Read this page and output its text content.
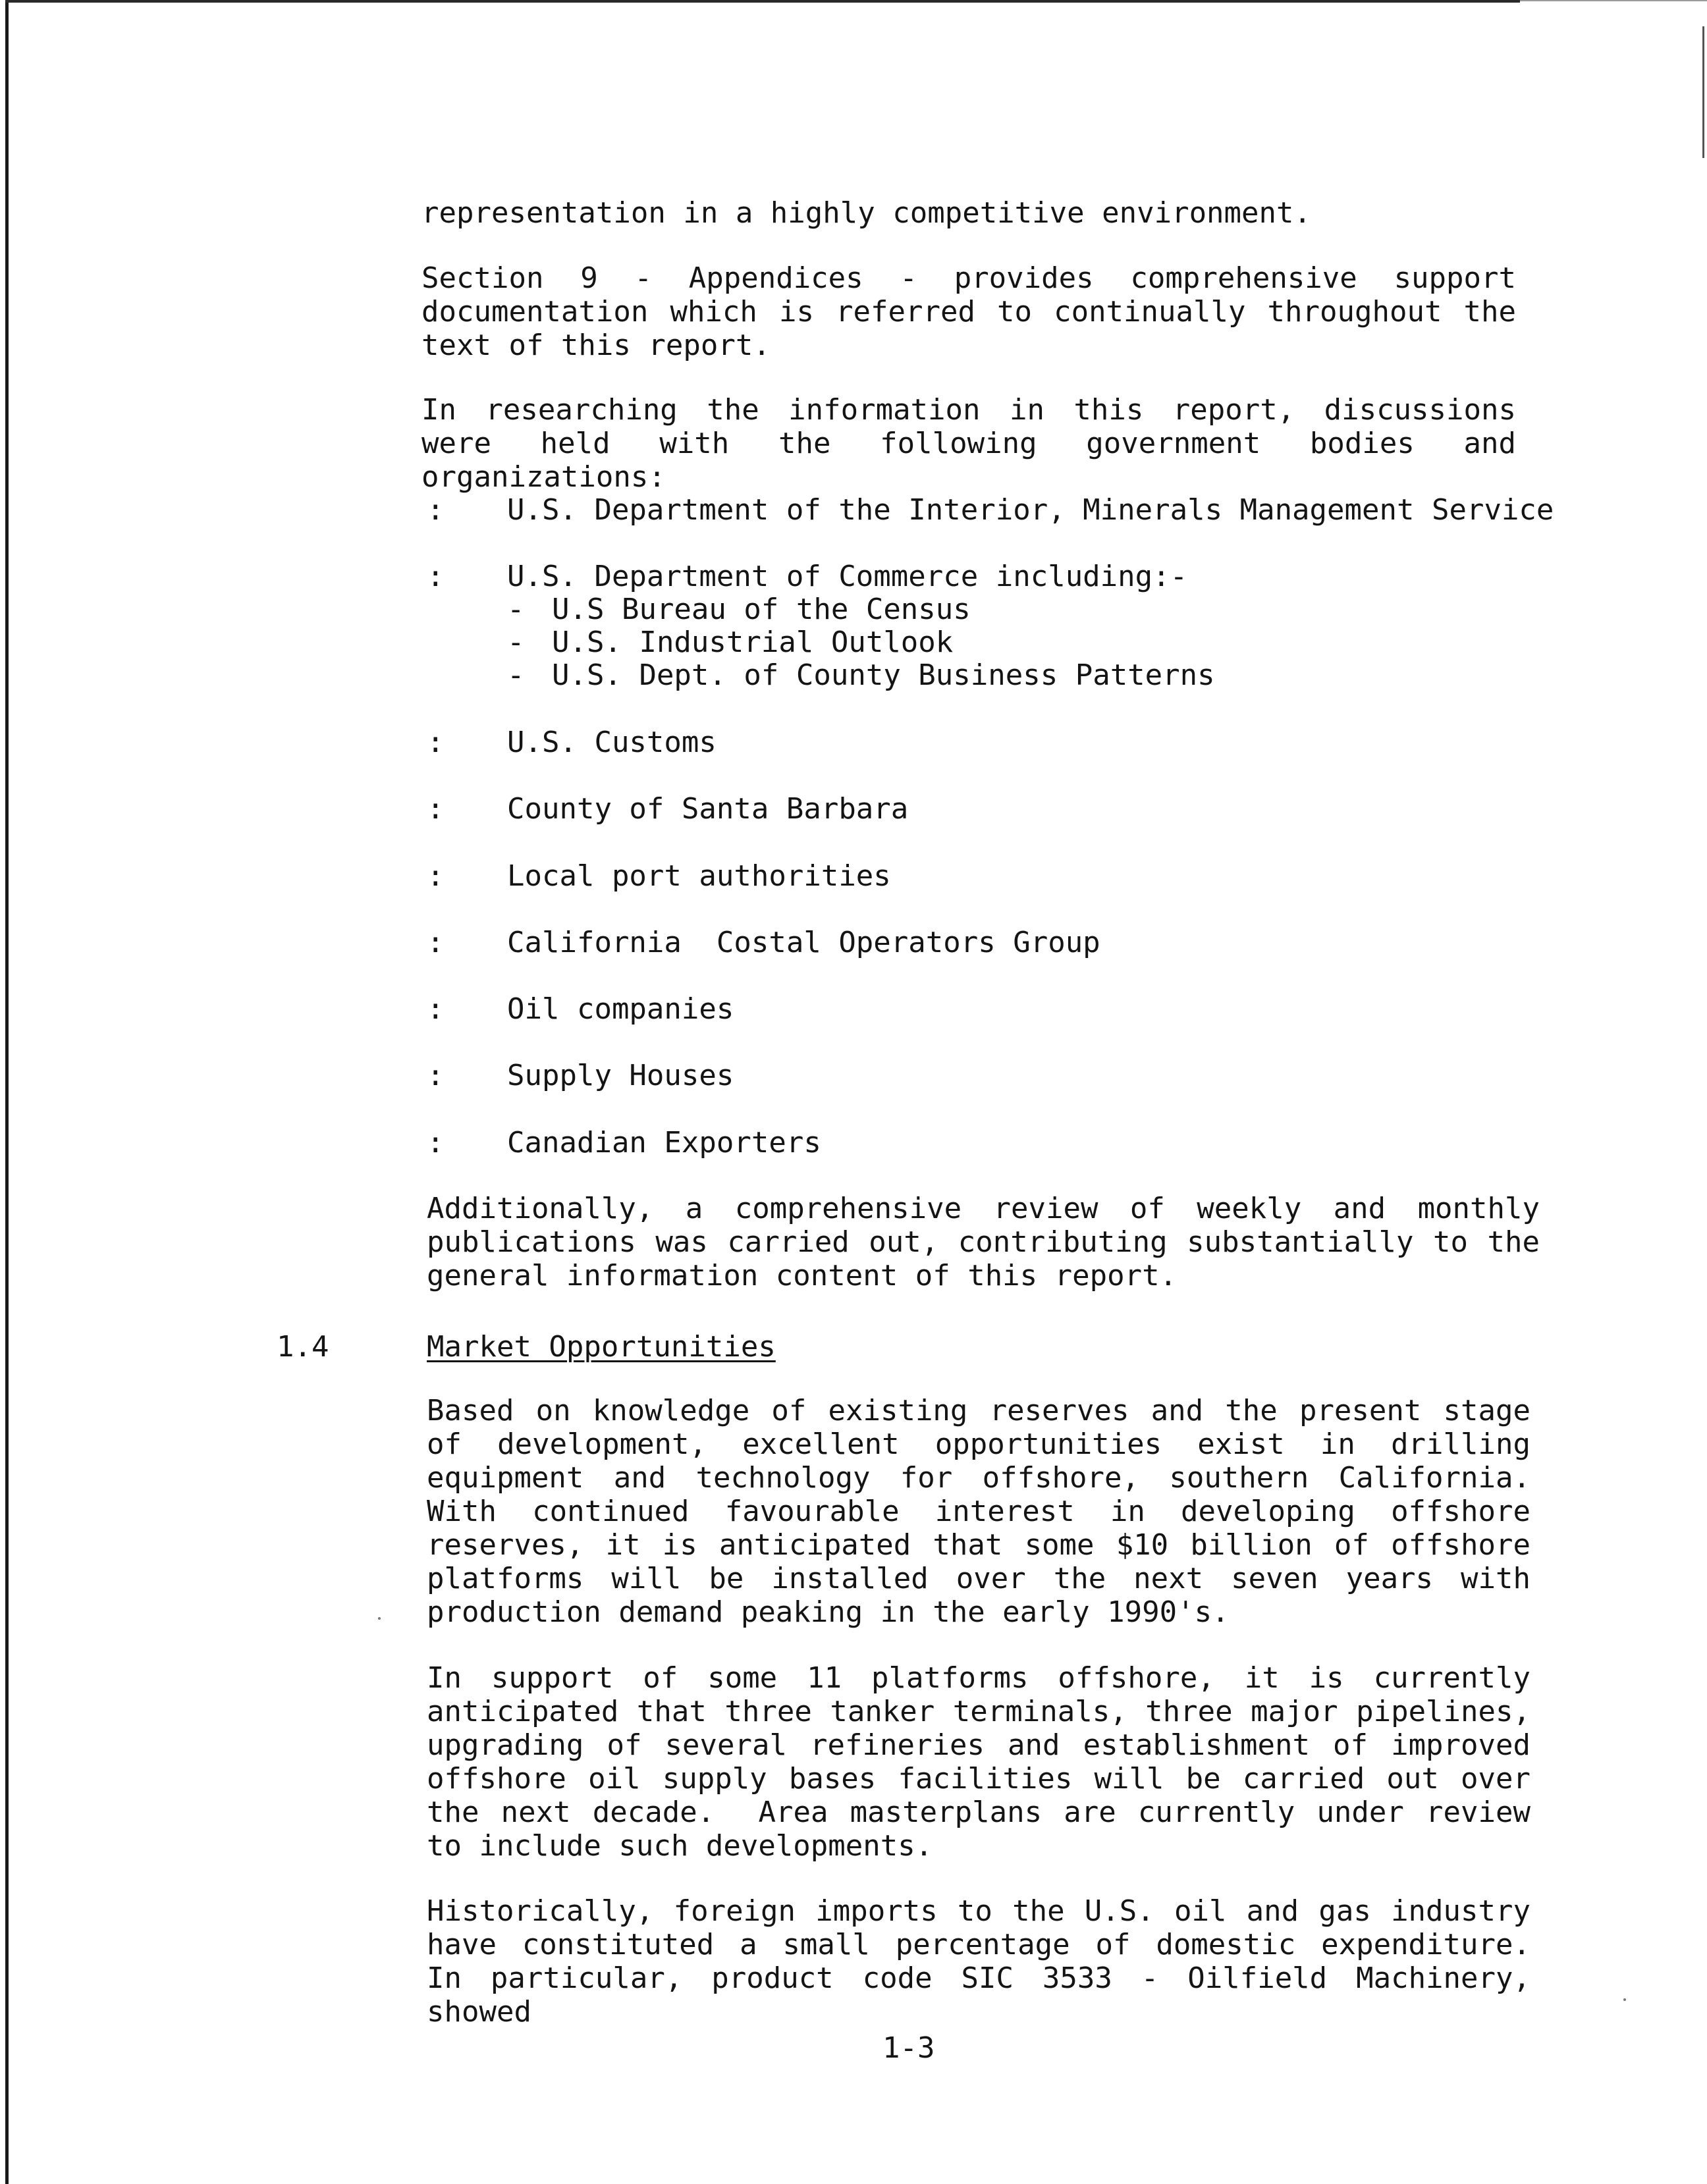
representation in a highly competitive environment.

Section 9 - Appendices - provides comprehensive support documentation which is referred to continually throughout the text of this report.

In researching the information in this report, discussions were held with the following government bodies and organizations:

: U.S. Department of the Interior, Minerals Management Service
: U.S. Department of Commerce including:-
- U.S Bureau of the Census
- U.S. Industrial Outlook
- U.S. Dept. of County Business Patterns
: U.S. Customs
: County of Santa Barbara
: Local port authorities
: California  Costal Operators Group
: Oil companies
: Supply Houses
: Canadian Exporters

Additionally, a comprehensive review of weekly and monthly publications was carried out, contributing substantially to the general information content of this report.

1.4	Market Opportunities

Based on knowledge of existing reserves and the present stage of development, excellent opportunities exist in drilling equipment and technology for offshore, southern California. With continued favourable interest in developing offshore reserves, it is anticipated that some $10 billion of offshore platforms will be installed over the next seven years with production demand peaking in the early 1990's.

In support of some 11 platforms offshore, it is currently anticipated that three tanker terminals, three major pipelines, upgrading of several refineries and establishment of improved offshore oil supply bases facilities will be carried out over the next decade.  Area masterplans are currently under review to include such developments.

Historically, foreign imports to the U.S. oil and gas industry have constituted a small percentage of domestic expenditure.  In particular, product code SIC 3533 - Oilfield Machinery, showed

1-3
